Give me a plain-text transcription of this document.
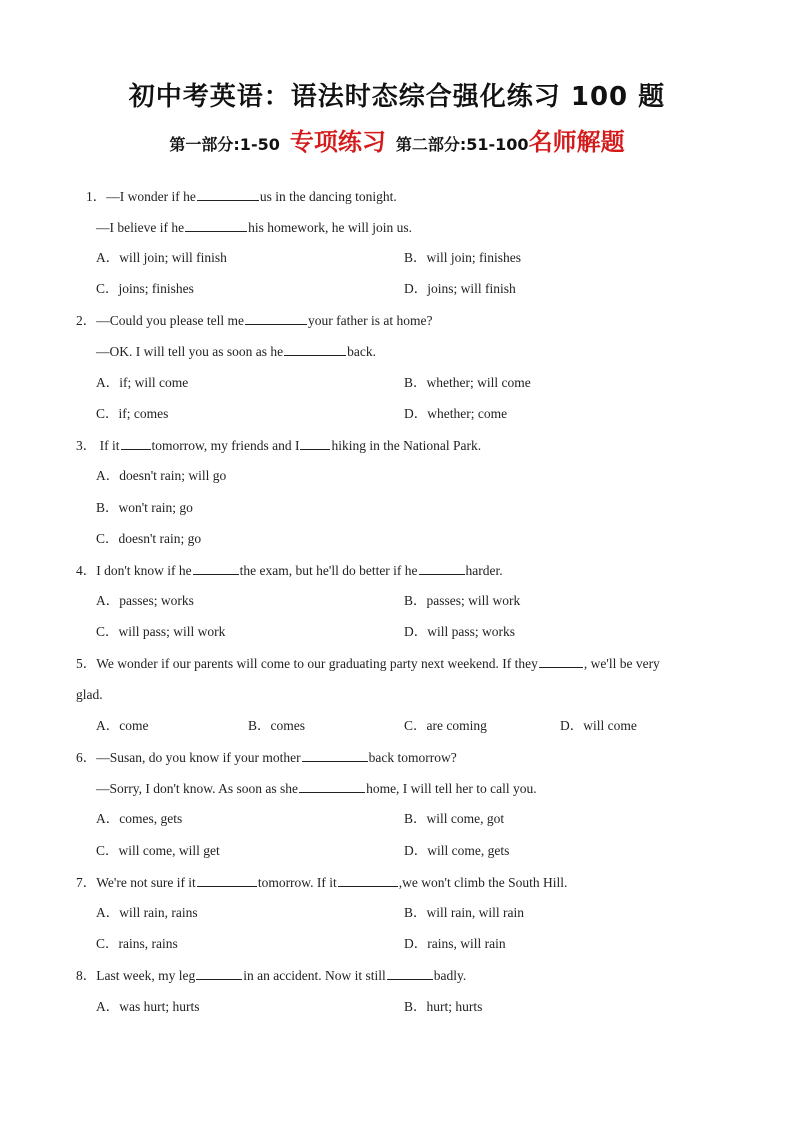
初中考英语：语法时态综合强化练习 100 题
第一部分:1-50 专项练习 第二部分:51-100名师解题
1．—I wonder if he	us in the dancing tonight.
—I believe if he	his homework, he will join us.
A．will join; will finish	B．will join; finishes
C．joins; finishes	D．joins; will finish
2．—Could you please tell me	your father is at home?
—OK. I will tell you as soon as he	back.
A．if; will come	B．whether; will come
C．if; comes	D．whether; come
3． If it tomorrow, my friends and I hiking in the National Park.
A．doesn't rain; will go
B．won't rain; go
C．doesn't rain; go
4．I don't know if he	the exam, but he'll do better if he	harder.
A．passes; works	B．passes; will work
C．will pass; will work	D．will pass; works
5．We wonder if our parents will come to our graduating party next weekend. If they	, we'll be very
glad.
A．come	B．comes	C．are coming	D．will come
6．—Susan, do you know if your mother	back tomorrow?
—Sorry, I don't know. As soon as she	home, I will tell her to call you.
A．comes, gets	B．will come, got
C．will come, will get	D．will come, gets
7．We're not sure if it	tomorrow. If it	,we won't climb the South Hill.
A．will rain, rains	B．will rain, will rain
C．rains, rains	D．rains, will rain
8．Last week, my leg	in an accident. Now it still	badly.
A．was hurt; hurts	B．hurt; hurts
